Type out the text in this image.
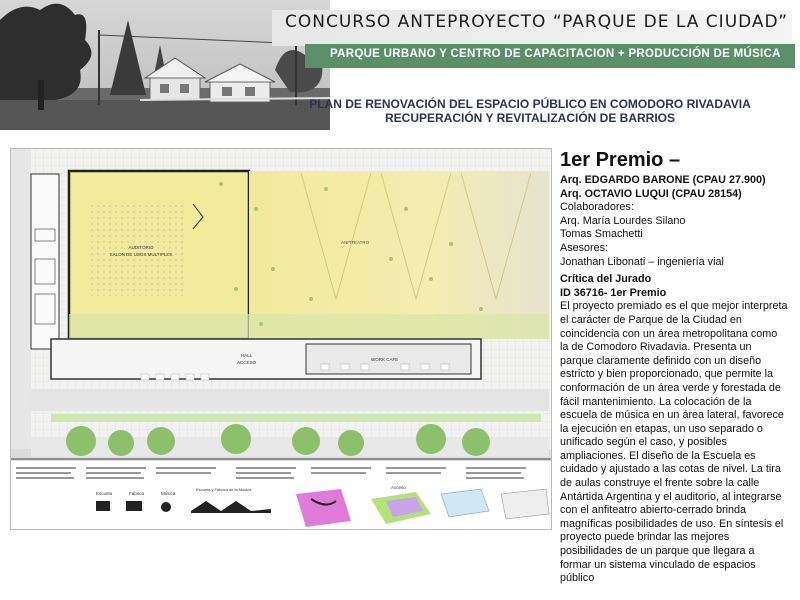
CONCURSO ANTEPROYECTO “PARQUE DE LA CIUDAD”
PARQUE URBANO Y CENTRO DE CAPACITACION + PRODUCCIÓN DE MÚSICA
PLAN DE RENOVACIÓN DEL ESPACIO PÚBLICO EN COMODORO RIVADAVIA
RECUPERACIÓN Y REVITALIZACIÓN DE BARRIOS
AUDITORIO
SALON DE USOS MULTIPLES
ANFITEATRO
HALL
ACCESO
WORK CAFE
Escuela	Fábrica	Música
Escuela y Fábrica de la Música	Acceso
1er Premio –
Arq. EDGARDO BARONE (CPAU 27.900)
Arq. OCTAVIO LUQUI (CPAU 28154)
Colaboradores:
Arq. María Lourdes Silano
Tomas Smachetti
Asesores:
Jonathan Libonati – ingeniería vial
Crítica del Jurado
ID 36716- 1er Premio
El proyecto premiado es el que mejor interpreta
el carácter de Parque de la Ciudad en
coincidencia con un área metropolitana como
la de Comodoro Rivadavia. Presenta un
parque claramente definido con un diseño
estricto y bien proporcionado, que permite la
conformación de un área verde y forestada de
fácil mantenimiento. La colocación de la
escuela de música en un área lateral, favorece
la ejecución en etapas, un uso separado o
unificado según el caso, y posibles
ampliaciones. El diseño de la Escuela es
cuidado y ajustado a las cotas de nivel. La tira
de aulas construye el frente sobre la calle
Antártida Argentina y el auditorio, al integrarse
con el anfiteatro abierto-cerrado brinda
magníficas posibilidades de uso. En síntesis el
proyecto puede brindar las mejores
posibilidades de un parque que llegara a
formar un sistema vinculado de espacios
público
